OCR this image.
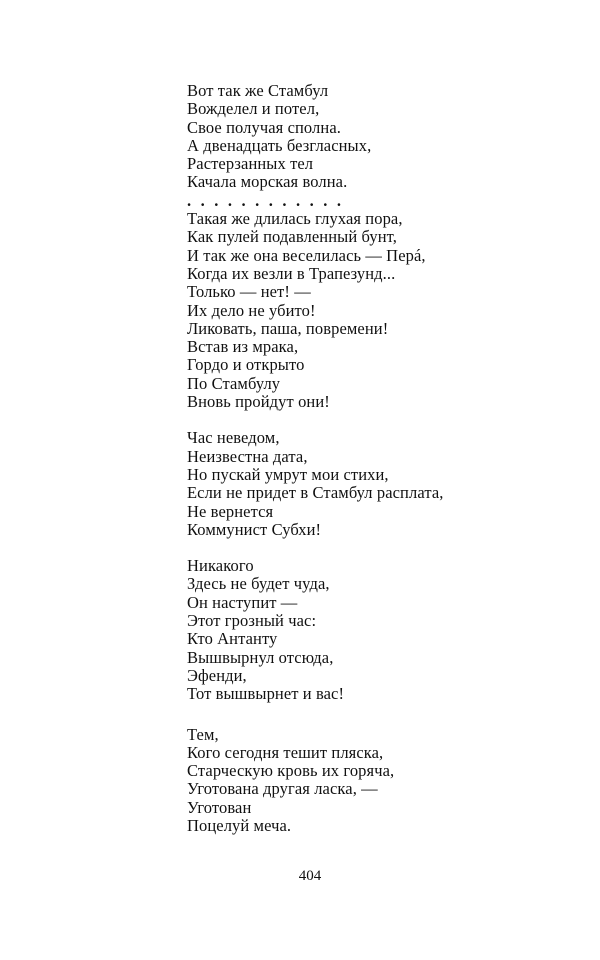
Вот так же Стамбул
Вожделел и потел,
Свое получая сполна.
А двенадцать безгласных,
Растерзанных тел
Качала морская волна.
............
Такая же длилась глухая пора,
Как пулей подавленный бунт,
И так же она веселилась — Перá,
Когда их везли в Трапезунд...
Только — нет! —
Их дело не убито!
Ликовать, паша, повремени!
Встав из мрака,
Гордо и открыто
По Стамбулу
Вновь пройдут они!
Час неведом,
Неизвестна дата,
Но пускай умрут мои стихи,
Если не придет в Стамбул расплата,
Не вернется
Коммунист Субхи!
Никакого
Здесь не будет чуда,
Он наступит —
Этот грозный час:
Кто Антанту
Вышвырнул отсюда,
Эфенди,
Тот вышвырнет и вас!
Тем,
Кого сегодня тешит пляска,
Старческую кровь их горяча,
Уготована другая ласка, —
Уготован
Поцелуй меча.
404
